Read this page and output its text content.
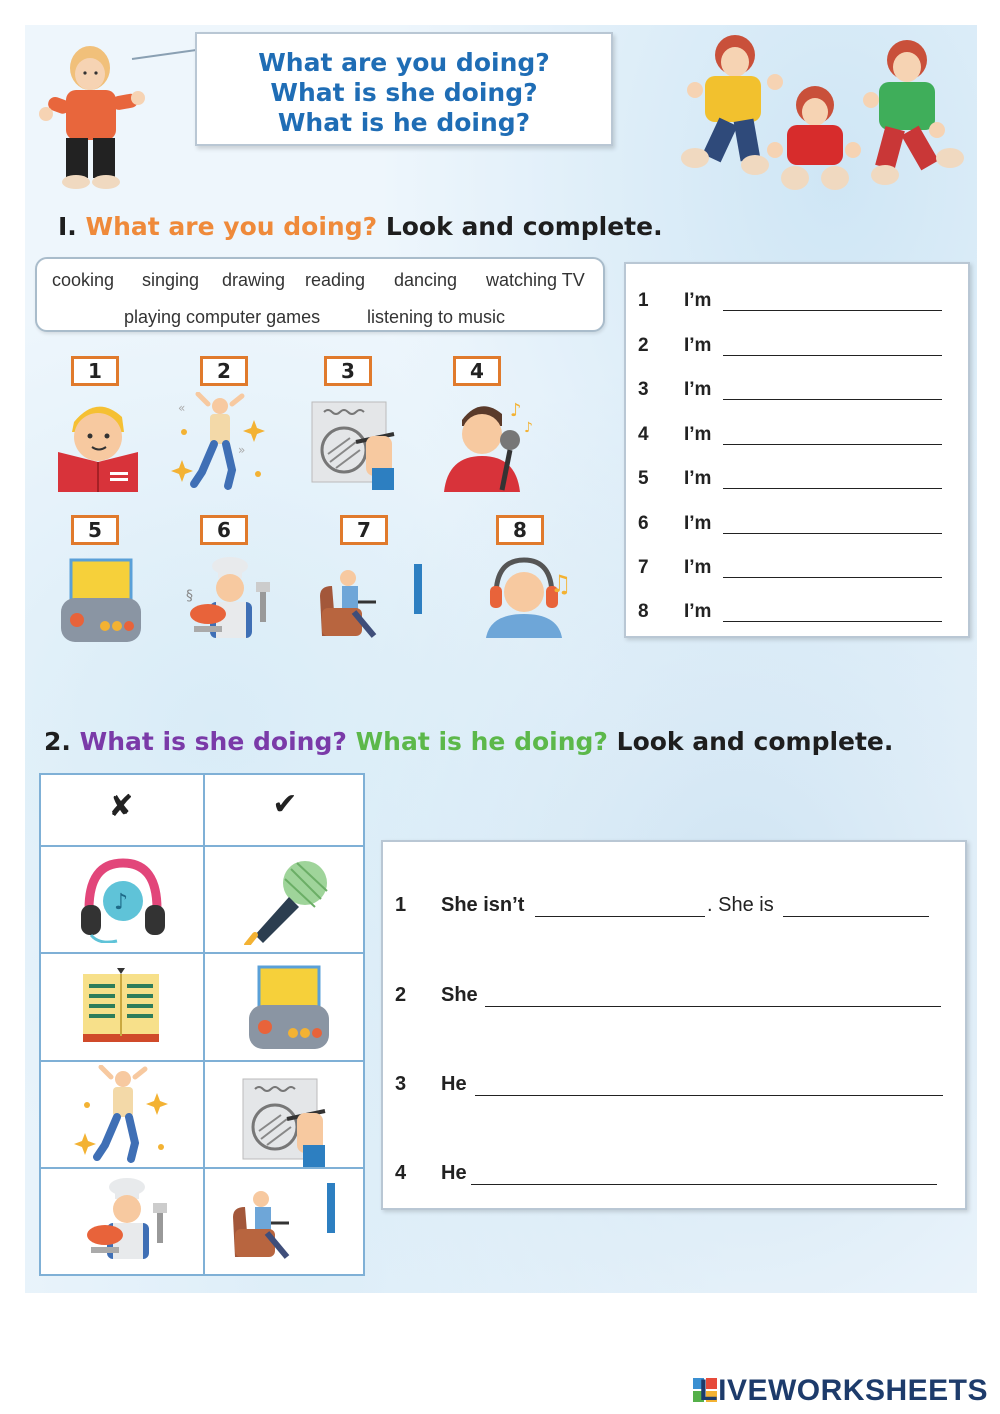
What are you doing?
What is she doing?
What is he doing?
I. What are you doing? Look and complete.
cooking singing drawing reading dancing watching TV
playing computer games	listening to music
1	2	3	4
5	6	7	8
«
»
♪
♪
§	♫
1 I’m
2 I’m
3 I’m
4 I’m
5 I’m
6 I’m
7 I’m
8 I’m
2. What is she doing? What is he doing? Look and complete.
✘	✔
♪	1 She isn’t	. She is
2 She
3 He
4 He
LIVEWORKSHEETS
